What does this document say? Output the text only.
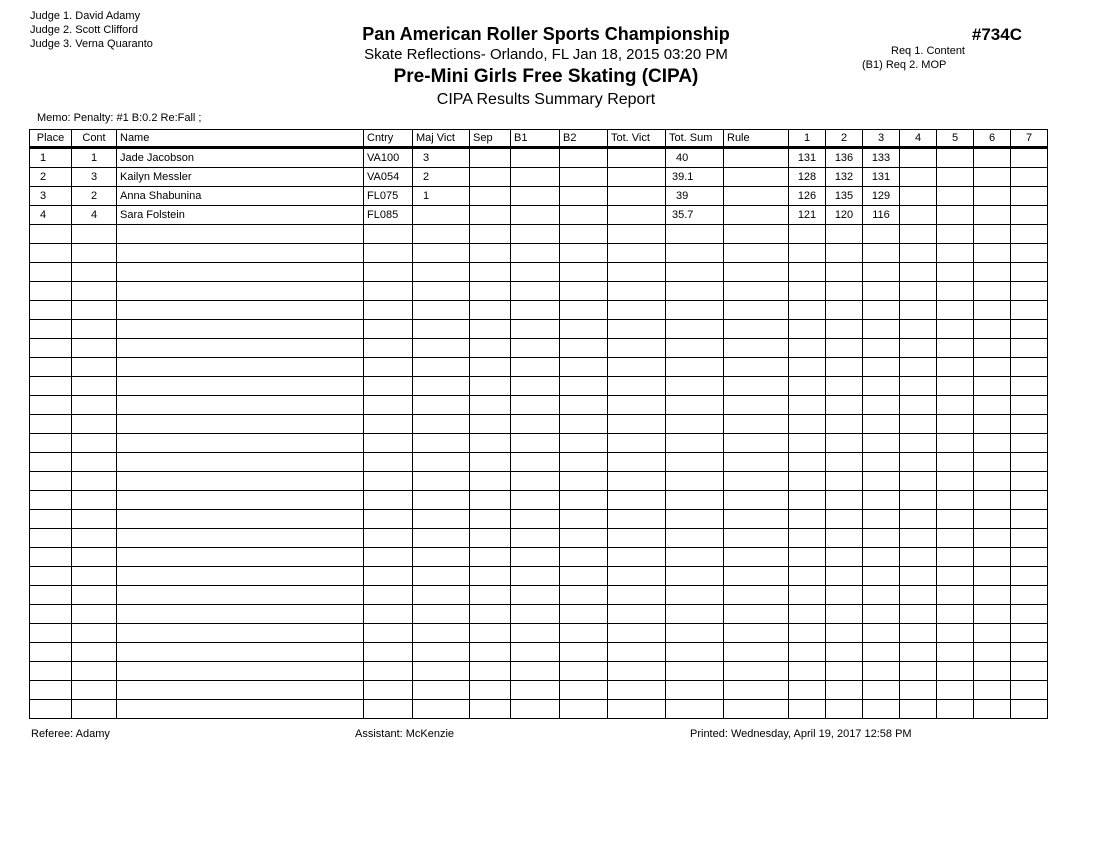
Judge 1. David Adamy
Judge 2. Scott Clifford
Judge 3. Verna Quaranto	Pan American Roller Sports Championship
Skate Reflections- Orlando, FL Jan 18, 2015 03:20 PM
Pre-Mini Girls Free Skating (CIPA)
CIPA Results Summary Report
#734C
Req 1. Content
(B1) Req 2. MOP
Memo: Penalty: #1 B:0.2 Re:Fall ;
Place	Cont	Name	Cntry	Maj Vict	Sep	B1	B2	Tot. Vict	Tot. Sum	Rule	1	2	3	4	5	6	7
1	1	Jade Jacobson	VA100	3					40		131	136	133				
2	3	Kailyn Messler	VA054	2					39.1		128	132	131				
3	2	Anna Shabunina	FL075	1					39		126	135	129				
4	4	Sara Folstein	FL085						35.7		121	120	116				

Referee: Adamy	Assistant: McKenzie	Printed: Wednesday, April 19, 2017 12:58 PM
